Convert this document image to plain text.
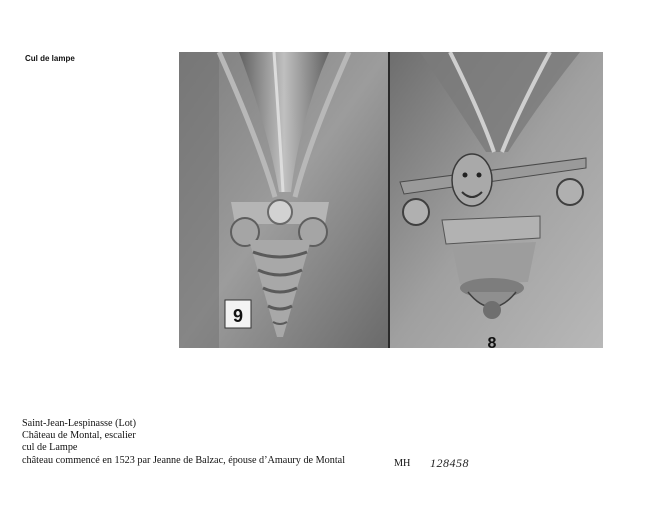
Cul de lampe
9
8
Saint-Jean-Lespinasse (Lot)
Château de Montal, escalier
cul de Lampe
château commencé en 1523 par Jeanne de Balzac, épouse d’Amaury de Montal	MH 128458
